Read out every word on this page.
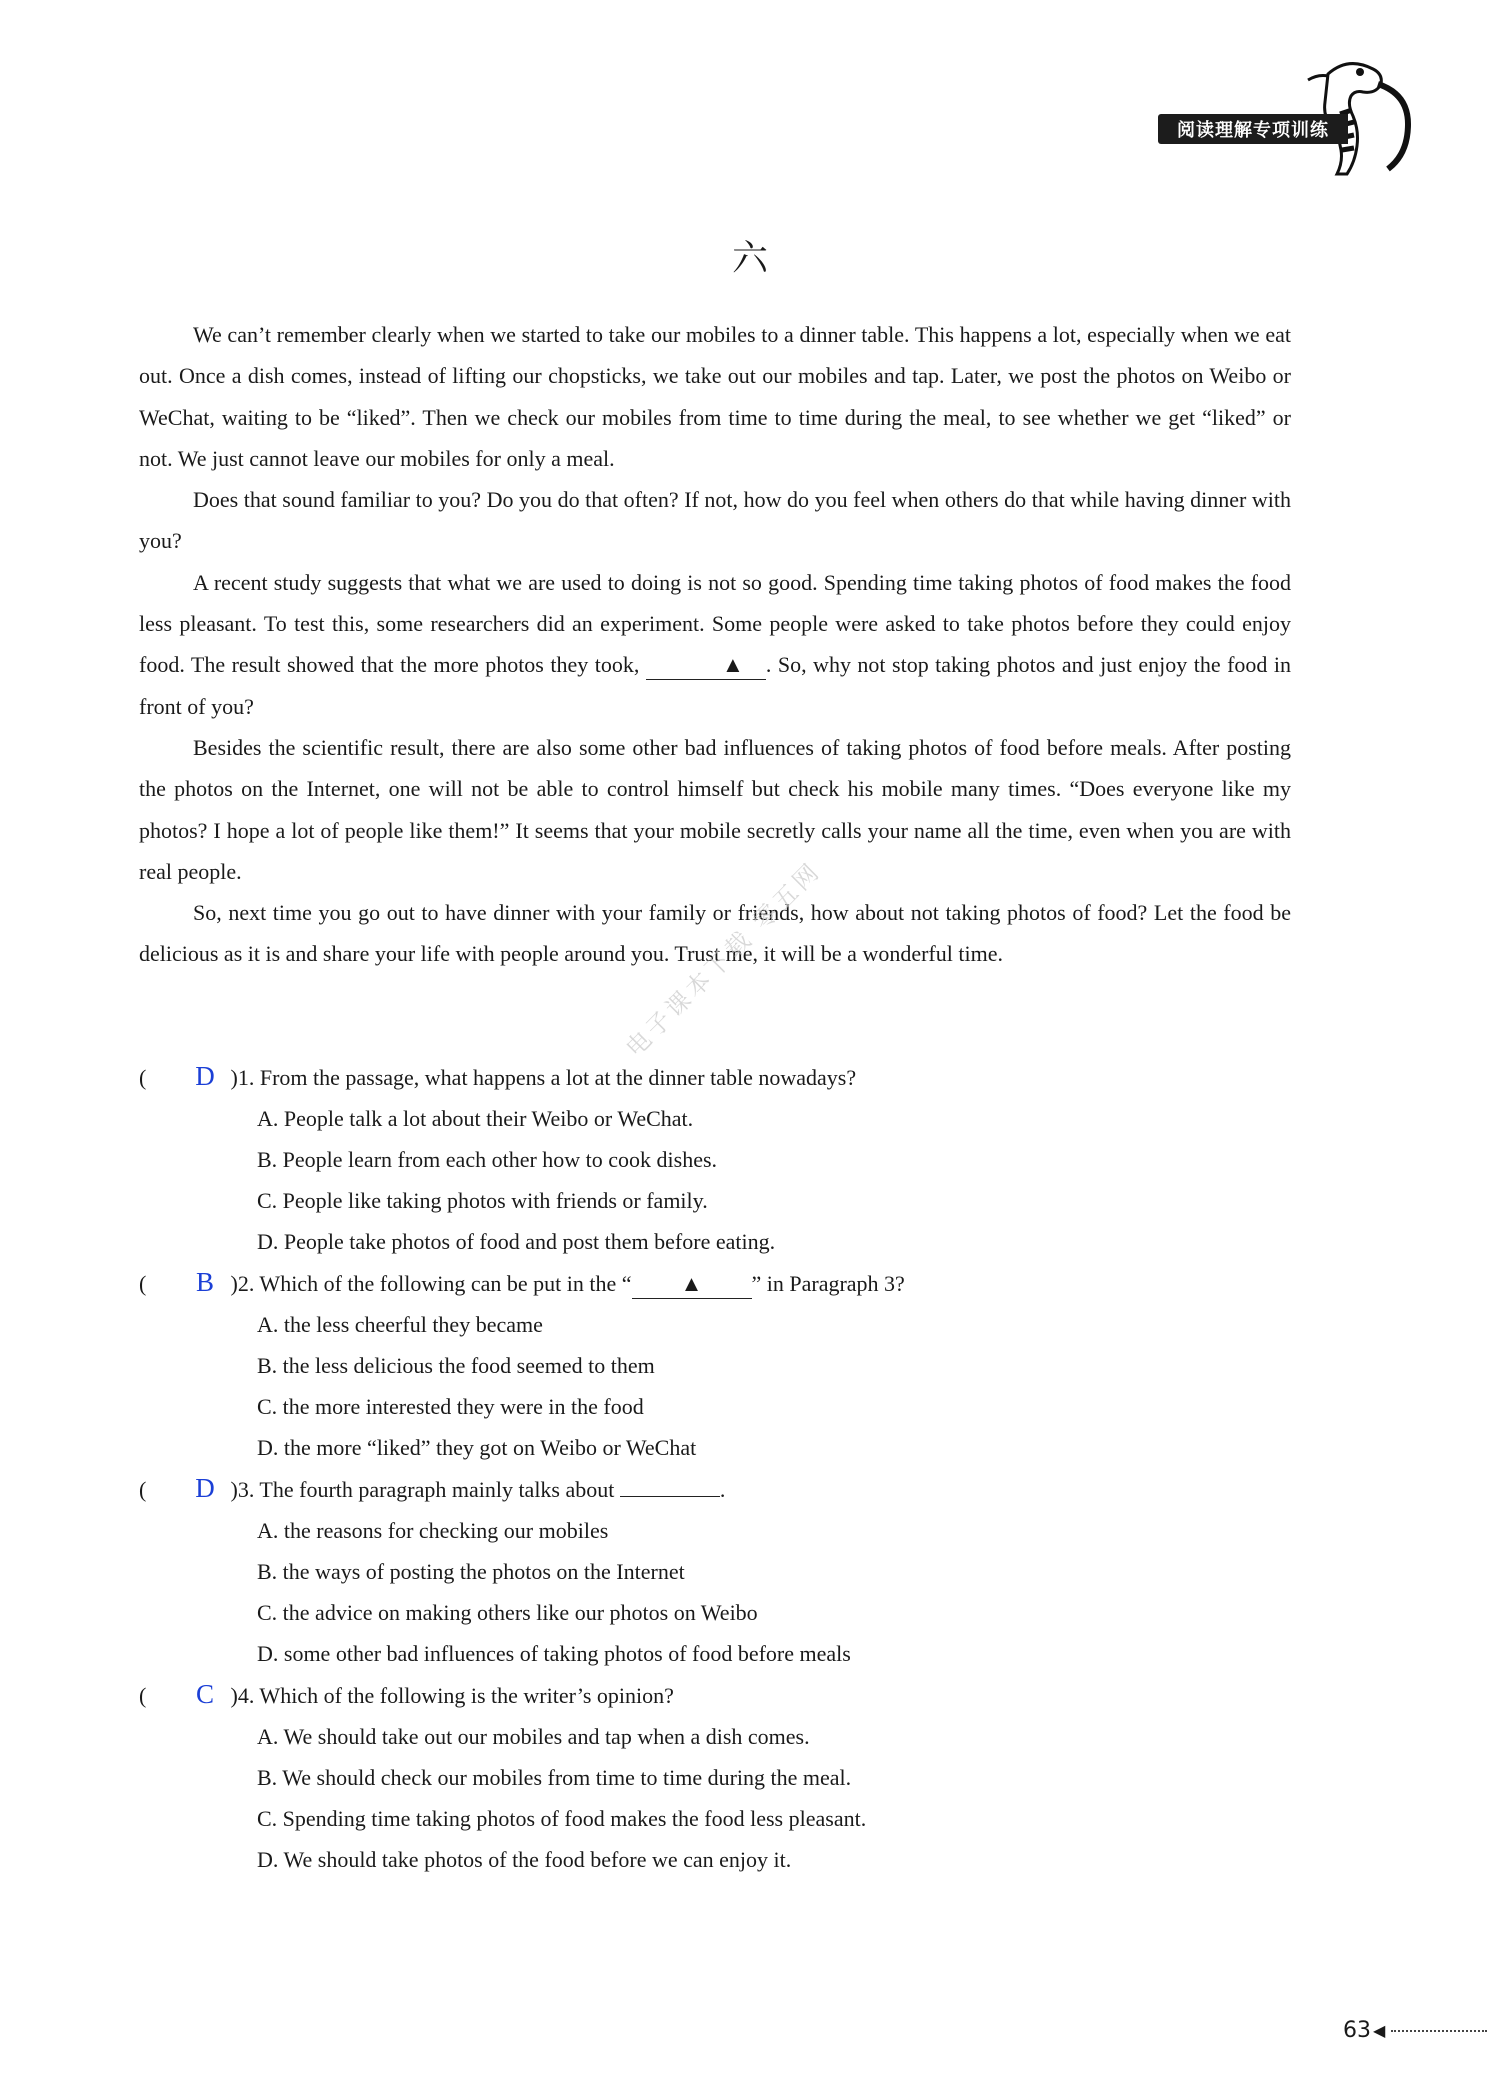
阅读理解专项训练
六

We can’t remember clearly when we started to take our mobiles to a dinner table. This happens a lot, especially when we eat out. Once a dish comes, instead of lifting our chopsticks, we take out our mobiles and tap. Later, we post the photos on Weibo or WeChat, waiting to be “liked”. Then we check our mobiles from time to time during the meal, to see whether we get “liked” or not. We just cannot leave our mobiles for only a meal.

Does that sound familiar to you? Do you do that often? If not, how do you feel when others do that while having dinner with you?

A recent study suggests that what we are used to doing is not so good. Spending time taking photos of food makes the food less pleasant. To test this, some researchers did an experiment. Some people were asked to take photos before they could enjoy food. The result showed that the more photos they took,	▲ . So, why not stop taking photos and just enjoy the food in front of you?

Besides the scientific result, there are also some other bad influences of taking photos of food before meals. After posting the photos on the Internet, one will not be able to control himself but check his mobile many times. “Does everyone like my photos? I hope a lot of people like them!” It seems that your mobile secretly calls your name all the time, even when you are with real people.

So, next time you go out to have dinner with your family or friends, how about not taking photos of food? Let the food be delicious as it is and share your life with people around you. Trust me, it will be a wonderful time.

电子课本下载 零五网
(	D ) 1. From the passage, what happens a lot at the dinner table nowadays?
A. People talk a lot about their Weibo or WeChat.
B. People learn from each other how to cook dishes.
C. People like taking photos with friends or family.
D. People take photos of food and post them before eating.
(	B ) 2. Which of the following can be put in the “	▲	” in Paragraph 3?
A. the less cheerful they became
B. the less delicious the food seemed to them
C. the more interested they were in the food
D. the more “liked” they got on Weibo or WeChat
(	D ) 3. The fourth paragraph mainly talks about
	.
A. the reasons for checking our mobiles
B. the ways of posting the photos on the Internet
C. the advice on making others like our photos on Weibo
D. some other bad influences of taking photos of food before meals
(	C ) 4. Which of the following is the writer’s opinion?
A. We should take out our mobiles and tap when a dish comes.
B. We should check our mobiles from time to time during the meal.
C. Spending time taking photos of food makes the food less pleasant.
D. We should take photos of the food before we can enjoy it.
63 ◀
